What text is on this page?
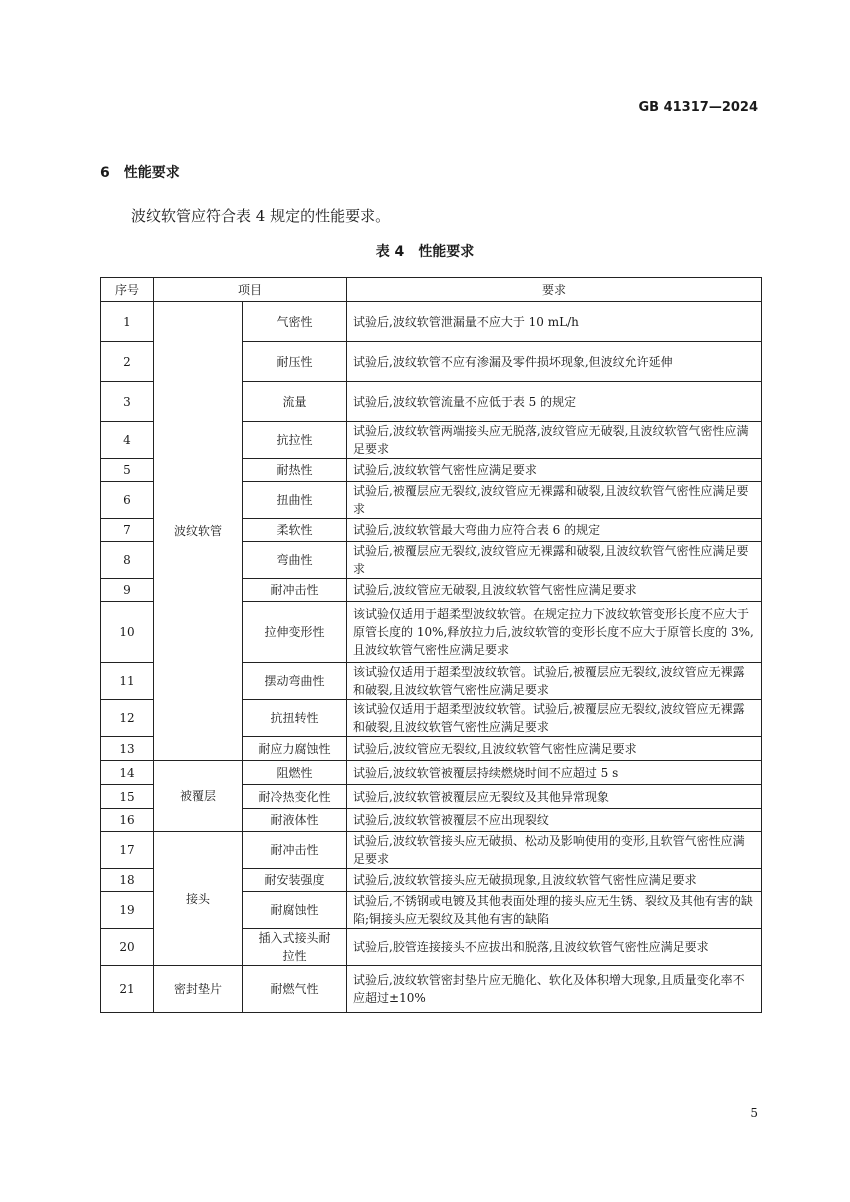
GB 41317—2024
6 性能要求
波纹软管应符合表 4 规定的性能要求。
表 4 性能要求
序号	项目		要求
1	波纹软管	气密性	试验后,波纹软管泄漏量不应大于 10 mL/h
2		耐压性	试验后,波纹软管不应有渗漏及零件损坏现象,但波纹允许延伸
3		流量	试验后,波纹软管流量不应低于表 5 的规定
4		抗拉性	试验后,波纹软管两端接头应无脱落,波纹管应无破裂,且波纹软管气密性应满足要求
5		耐热性	试验后,波纹软管气密性应满足要求
6		扭曲性	试验后,被覆层应无裂纹,波纹管应无裸露和破裂,且波纹软管气密性应满足要求
7		柔软性	试验后,波纹软管最大弯曲力应符合表 6 的规定
8		弯曲性	试验后,被覆层应无裂纹,波纹管应无裸露和破裂,且波纹软管气密性应满足要求
9		耐冲击性	试验后,波纹管应无破裂,且波纹软管气密性应满足要求
10		拉伸变形性	该试验仅适用于超柔型波纹软管。在规定拉力下波纹软管变形长度不应大于原管长度的 10%,释放拉力后,波纹软管的变形长度不应大于原管长度的 3%,且波纹软管气密性应满足要求
11		摆动弯曲性	该试验仅适用于超柔型波纹软管。试验后,被覆层应无裂纹,波纹管应无裸露和破裂,且波纹软管气密性应满足要求
12		抗扭转性	该试验仅适用于超柔型波纹软管。试验后,被覆层应无裂纹,波纹管应无裸露和破裂,且波纹软管气密性应满足要求
13		耐应力腐蚀性	试验后,波纹管应无裂纹,且波纹软管气密性应满足要求
14	被覆层	阻燃性	试验后,波纹软管被覆层持续燃烧时间不应超过 5 s
15		耐冷热变化性	试验后,波纹软管被覆层应无裂纹及其他异常现象
16		耐液体性	试验后,波纹软管被覆层不应出现裂纹
17	接头	耐冲击性	试验后,波纹软管接头应无破损、松动及影响使用的变形,且软管气密性应满足要求
18		耐安装强度	试验后,波纹软管接头应无破损现象,且波纹软管气密性应满足要求
19		耐腐蚀性	试验后,不锈钢或电镀及其他表面处理的接头应无生锈、裂纹及其他有害的缺陷;铜接头应无裂纹及其他有害的缺陷
20		插入式接头耐拉性	试验后,胶管连接接头不应拔出和脱落,且波纹软管气密性应满足要求
21	密封垫片	耐燃气性	试验后,波纹软管密封垫片应无脆化、软化及体积增大现象,且质量变化率不应超过±10%
5
